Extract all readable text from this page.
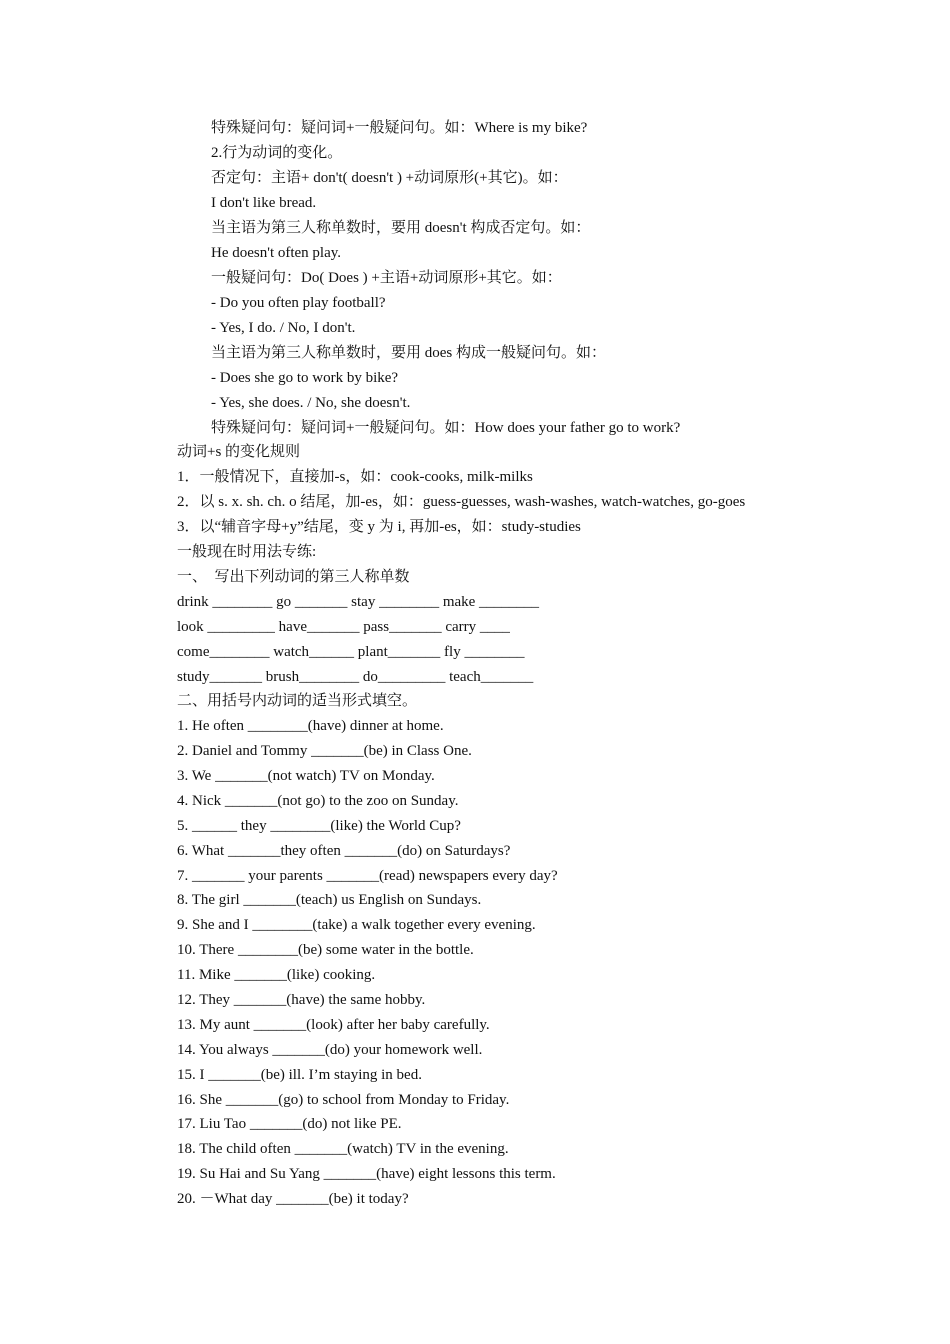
特殊疑问句：疑问词+一般疑问句。如：Where is my bike?
2.行为动词的变化。
否定句：主语+ don't( doesn't ) +动词原形(+其它)。如：
I don't like bread.
当主语为第三人称单数时，要用 doesn't 构成否定句。如：
He doesn't often play.
一般疑问句：Do( Does ) +主语+动词原形+其它。如：
- Do you often play football?
- Yes, I do. / No, I don't.
当主语为第三人称单数时，要用 does 构成一般疑问句。如：
- Does she go to work by bike?
- Yes, she does. / No, she doesn't.
特殊疑问句：疑问词+一般疑问句。如：How does your father go to work?
动词+s 的变化规则
1．一般情况下，直接加-s，如：cook-cooks, milk-milks
2．以 s. x. sh. ch. o 结尾，加-es，如：guess-guesses, wash-washes, watch-watches, go-goes
3．以“辅音字母+y”结尾，变 y 为 i, 再加-es，如：study-studies
一般现在时用法专练:
一、  写出下列动词的第三人称单数
drink ________ go _______ stay ________ make ________
look _________ have_______ pass_______ carry ____
come________ watch______ plant_______ fly ________
study_______ brush________ do_________ teach_______
二、用括号内动词的适当形式填空。
1. He often ________(have) dinner at home.
2. Daniel and Tommy _______(be) in Class One.
3. We _______(not watch) TV on Monday.
4. Nick _______(not go) to the zoo on Sunday.
5. ______ they ________(like) the World Cup?
6. What _______they often _______(do) on Saturdays?
7. _______ your parents _______(read) newspapers every day?
8. The girl _______(teach) us English on Sundays.
9. She and I ________(take) a walk together every evening.
10. There ________(be) some water in the bottle.
11. Mike _______(like) cooking.
12. They _______(have) the same hobby.
13. My aunt _______(look) after her baby carefully.
14. You always _______(do) your homework well.
15. I _______(be) ill. I’m staying in bed.
16. She _______(go) to school from Monday to Friday.
17. Liu Tao _______(do) not like PE.
18. The child often _______(watch) TV in the evening.
19. Su Hai and Su Yang _______(have) eight lessons this term.
20. －What day _______(be) it today?
